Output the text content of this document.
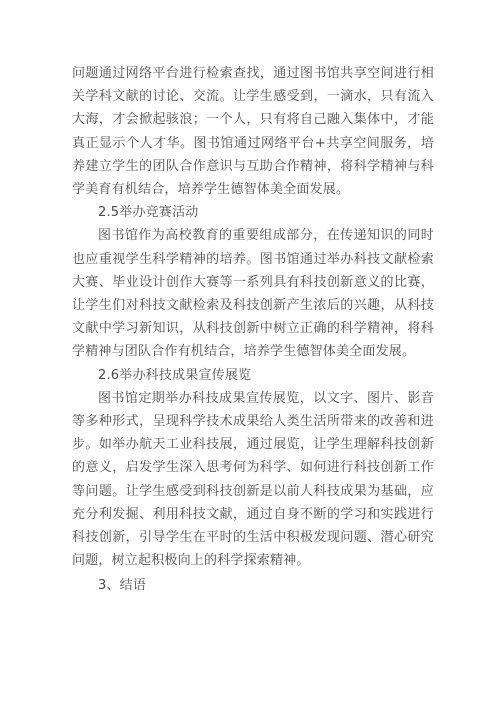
问题通过网络平台进行检索查找，通过图书馆共享空间进行相关学科文献的讨论、交流。让学生感受到，一滴水，只有流入大海，才会掀起骇浪；一个人，只有将自己融入集体中，才能真正显示个人才华。图书馆通过网络平台+共享空间服务，培养建立学生的团队合作意识与互助合作精神，将科学精神与科学美育有机结合，培养学生德智体美全面发展。

2.5举办竞赛活动

图书馆作为高校教育的重要组成部分，在传递知识的同时也应重视学生科学精神的培养。图书馆通过举办科技文献检索大赛、毕业设计创作大赛等一系列具有科技创新意义的比赛，让学生们对科技文献检索及科技创新产生浓后的兴趣，从科技文献中学习新知识，从科技创新中树立正确的科学精神，将科学精神与团队合作有机结合，培养学生德智体美全面发展。

2.6举办科技成果宣传展览

图书馆定期举办科技成果宣传展览，以文字、图片、影音等多种形式，呈现科学技术成果给人类生活所带来的改善和进步。如举办航天工业科技展，通过展览，让学生理解科技创新的意义，启发学生深入思考何为科学、如何进行科技创新工作等问题。让学生感受到科技创新是以前人科技成果为基础，应充分利发掘、利用科技文献，通过自身不断的学习和实践进行科技创新，引导学生在平时的生活中积极发现问题、潜心研究问题，树立起积极向上的科学探索精神。

3、结语
